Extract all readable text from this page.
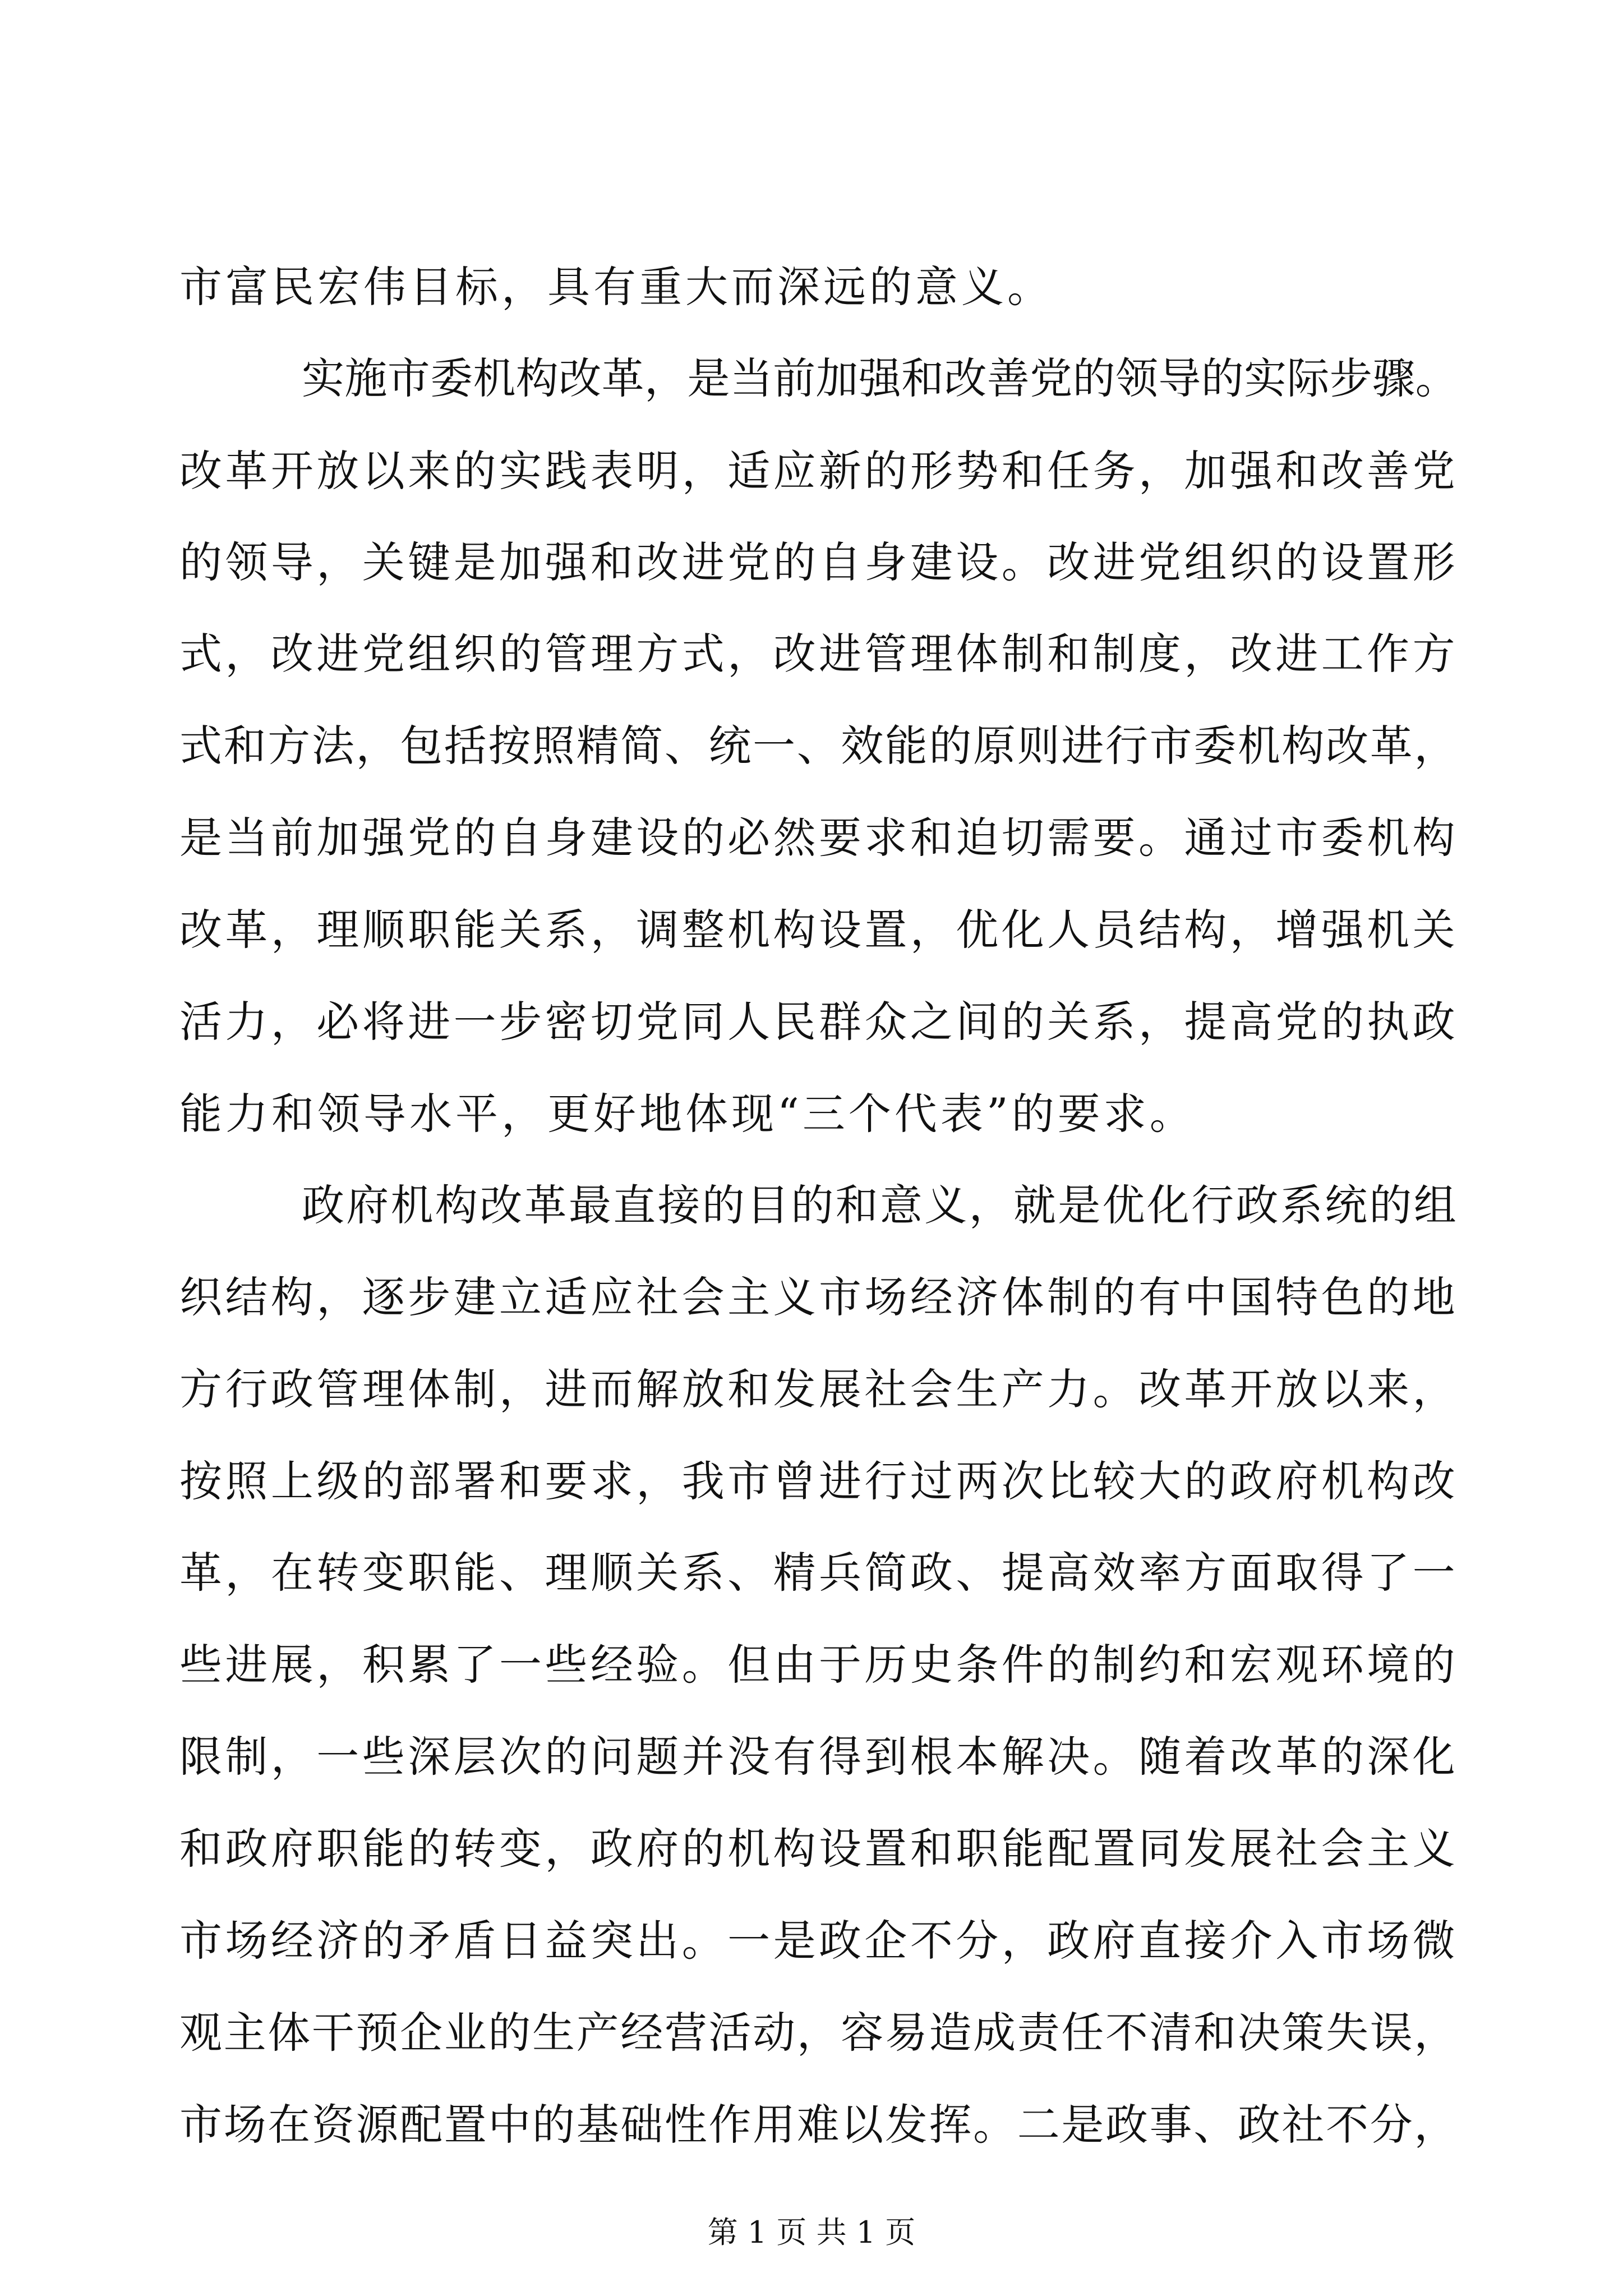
市富民宏伟目标，具有重大而深远的意义。
实施市委机构改革，是当前加强和改善党的领导的实际步骤。
改革开放以来的实践表明，适应新的形势和任务，加强和改善党
的领导，关键是加强和改进党的自身建设。改进党组织的设置形
式，改进党组织的管理方式，改进管理体制和制度，改进工作方
式和方法，包括按照精简、统一、效能的原则进行市委机构改革，
是当前加强党的自身建设的必然要求和迫切需要。通过市委机构
改革，理顺职能关系，调整机构设置，优化人员结构，增强机关
活力，必将进一步密切党同人民群众之间的关系，提高党的执政
能力和领导水平，更好地体现“三个代表”的要求。
政府机构改革最直接的目的和意义，就是优化行政系统的组
织结构，逐步建立适应社会主义市场经济体制的有中国特色的地
方行政管理体制，进而解放和发展社会生产力。改革开放以来，
按照上级的部署和要求，我市曾进行过两次比较大的政府机构改
革，在转变职能、理顺关系、精兵简政、提高效率方面取得了一
些进展，积累了一些经验。但由于历史条件的制约和宏观环境的
限制，一些深层次的问题并没有得到根本解决。随着改革的深化
和政府职能的转变，政府的机构设置和职能配置同发展社会主义
市场经济的矛盾日益突出。一是政企不分，政府直接介入市场微
观主体干预企业的生产经营活动，容易造成责任不清和决策失误，
市场在资源配置中的基础性作用难以发挥。二是政事、政社不分，
第 1 页 共 1 页
